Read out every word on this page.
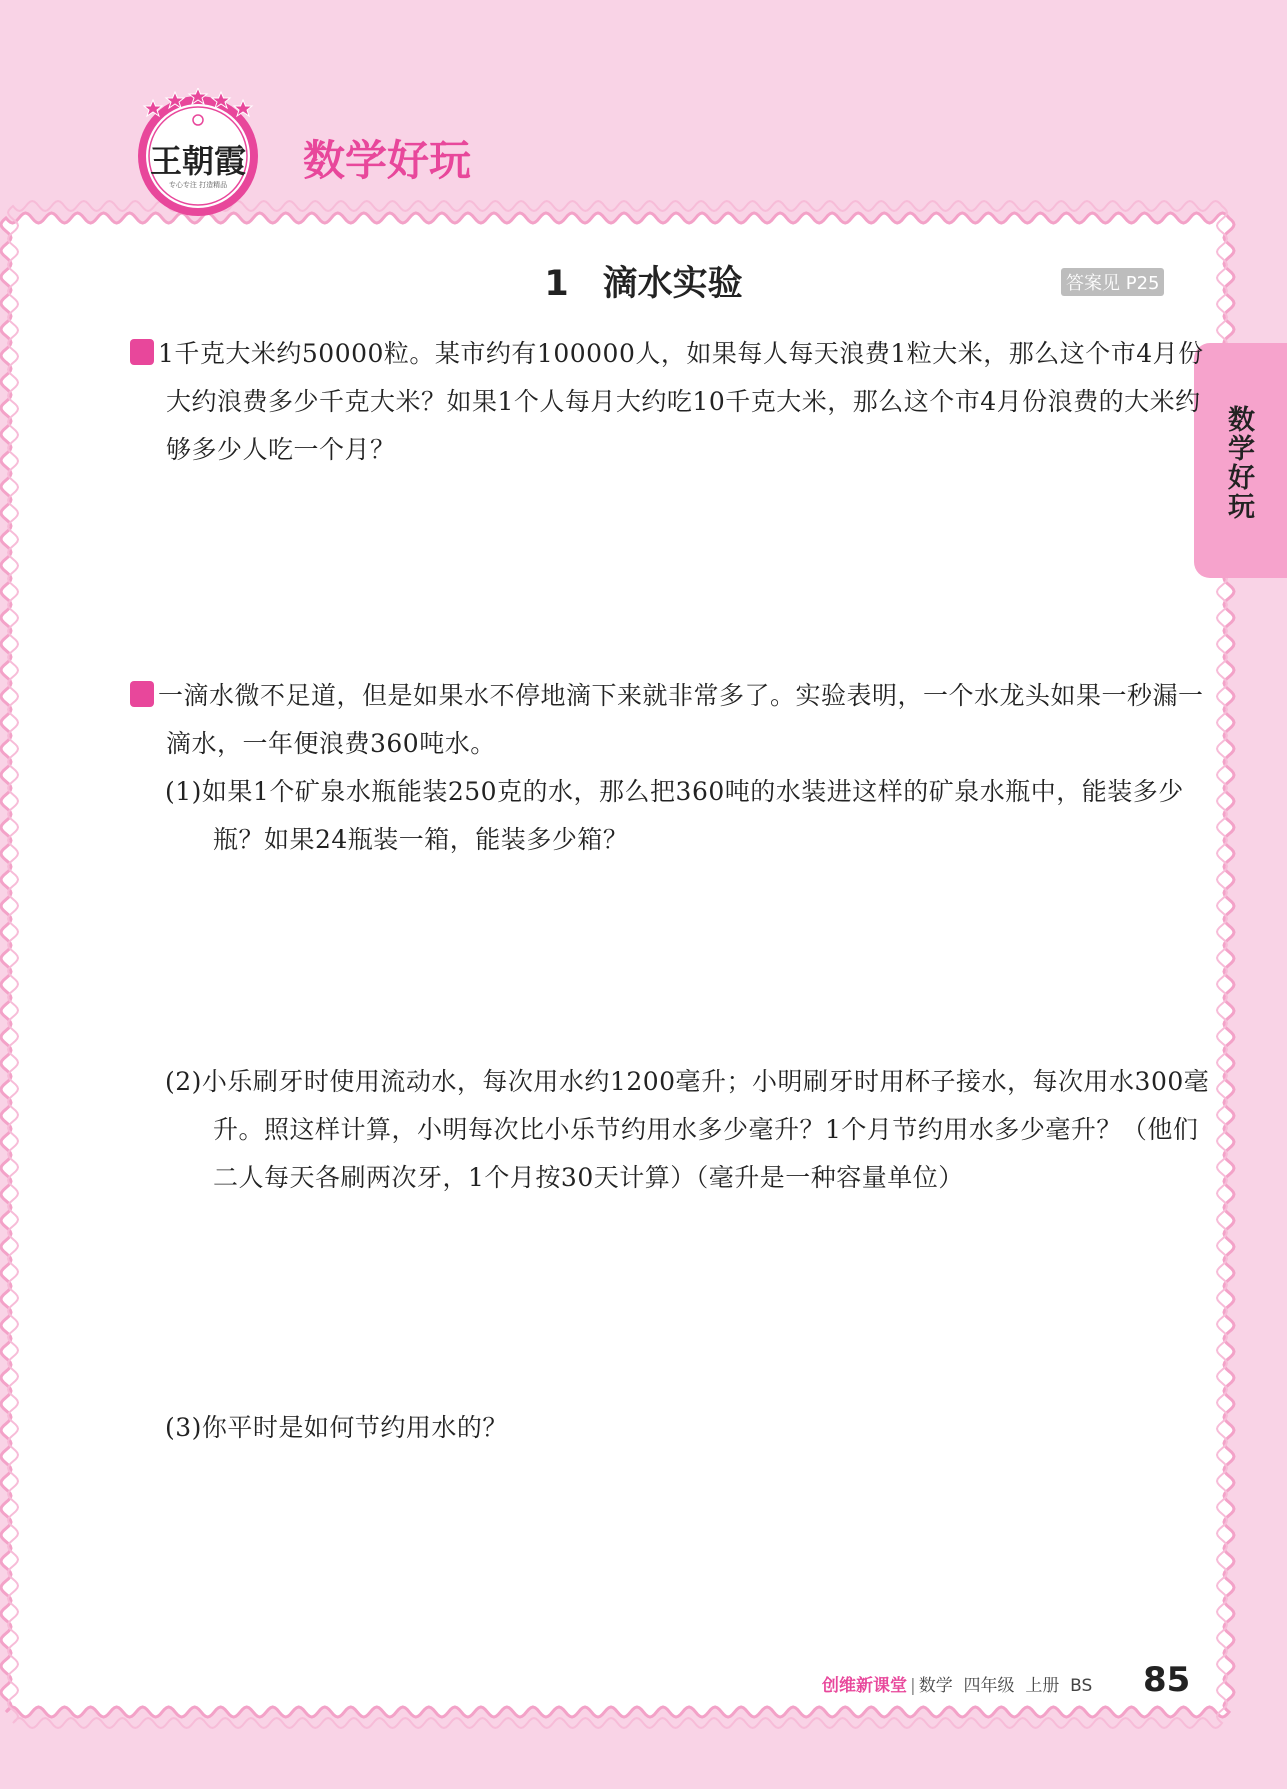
王朝霞
专心专注 打造精品	数学好玩
数学好玩
1 滴水实验	答案见 P25

1 1千克大米约50000粒。某市约有100000人，如果每人每天浪费1粒大米，那么这个市4月份大约浪费多少千克大米？如果1个人每月大约吃10千克大米，那么这个市4月份浪费的大米约够多少人吃一个月？

2 一滴水微不足道，但是如果水不停地滴下来就非常多了。实验表明，一个水龙头如果一秒漏一滴水，一年便浪费360吨水。

(1)如果1个矿泉水瓶能装250克的水，那么把360吨的水装进这样的矿泉水瓶中，能装多少瓶？如果24瓶装一箱，能装多少箱？

(2)小乐刷牙时使用流动水，每次用水约1200毫升；小明刷牙时用杯子接水，每次用水300毫升。照这样计算，小明每次比小乐节约用水多少毫升？1个月节约用水多少毫升？（他们二人每天各刷两次牙，1个月按30天计算）（毫升是一种容量单位）

(3)你平时是如何节约用水的？

创维新课堂 | 数学 四年级 上册 BS 85
